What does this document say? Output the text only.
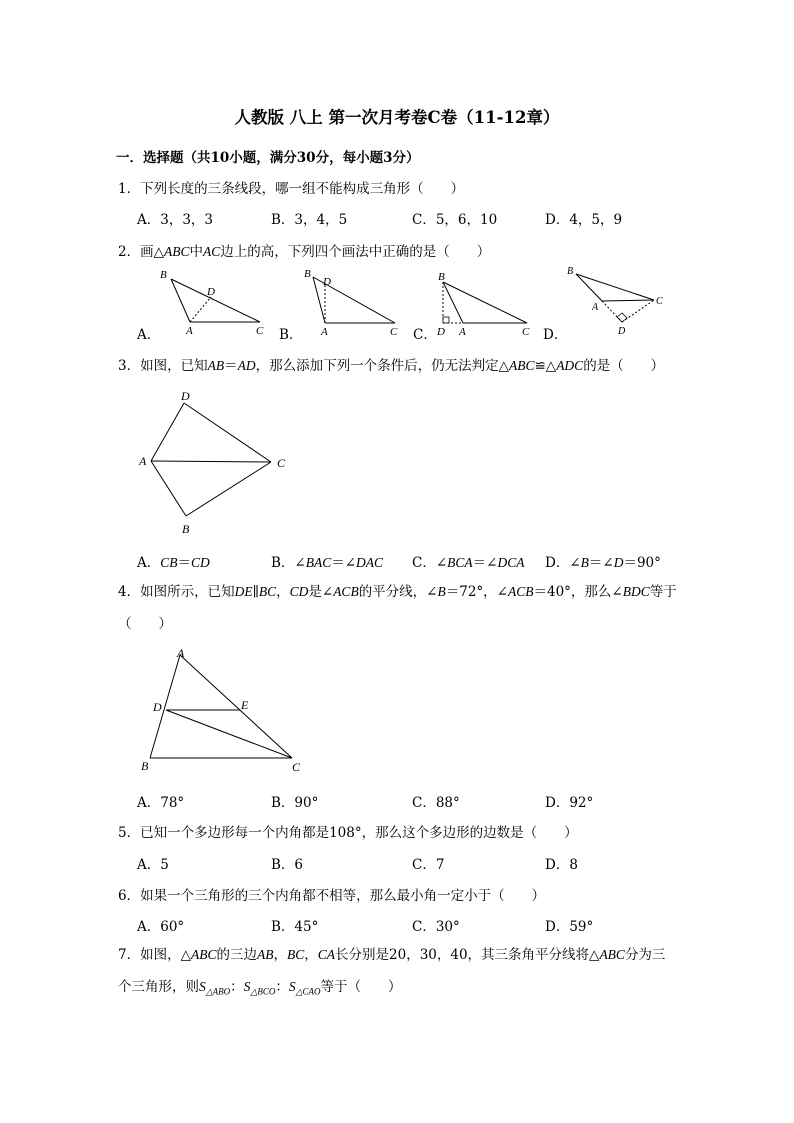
人教版 八上 第一次月考卷C卷（11-12章）
一．选择题（共10小题，满分30分，每小题3分）
1．下列长度的三条线段，哪一组不能构成三角形（　　）
A．3，3，3	B．3，4，5	C．5，6，10	D．4，5，9
2．画△ABC中AC边上的高，下列四个画法中正确的是（　　）
A．	B．	C．	D．
B
D
A	C
B
D
A	C
B
D A	C
B
A
C
D
3．如图，已知AB＝AD，那么添加下列一个条件后，仍无法判定△ABC≌△ADC的是（　　）
D
A	C
B
A．CB＝CD	B．∠BAC＝∠DAC C．∠BCA＝∠DCA D．∠B＝∠D＝90°
4．如图所示，已知DE∥BC，CD是∠ACB的平分线，∠B＝72°，∠ACB＝40°，那么∠BDC等于（　　）
A
D	E
B	C
A．78°	B．90°	C．88°	D．92°
5．已知一个多边形每一个内角都是108°，那么这个多边形的边数是（　　）
A．5	B．6	C．7	D．8
6．如果一个三角形的三个内角都不相等，那么最小角一定小于（　　）
A．60°	B．45°	C．30°	D．59°
7．如图，△ABC的三边AB，BC，CA长分别是20，30，40，其三条角平分线将△ABC分为三个三角形，则$S_{\triangle ABO}$：$S_{\triangle BCO}$：$S_{\triangle CAO}$等于（　　）
